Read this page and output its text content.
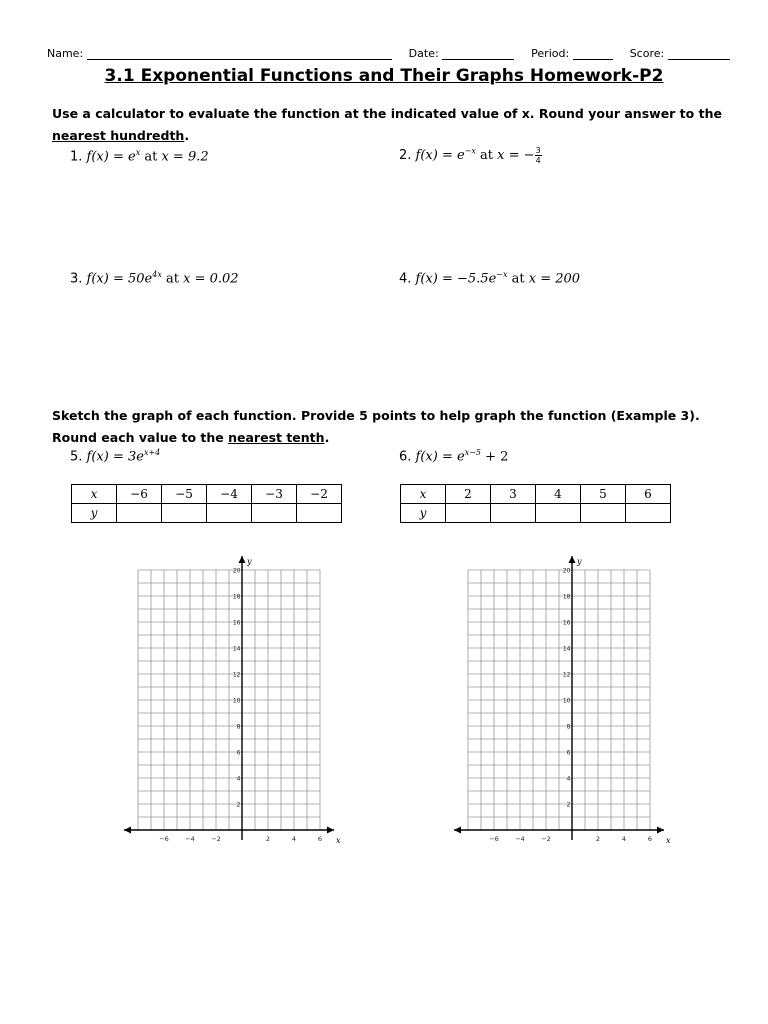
Name:	Date:	Period:	Score:
3.1 Exponential Functions and Their Graphs Homework-P2
Use a calculator to evaluate the function at the indicated value of x. Round your answer to the
nearest hundredth.
1. $f(x) = e^x$ at x = 9.2	2. $f(x) = e^{-x}$ at x = − $\frac{3}{4}$
3. $f(x) = 50e^{4x}$ at x = 0.02	4. $f(x) = -5.5e^{-x}$ at x = 200
Sketch the graph of each function. Provide 5 points to help graph the function (Example 3).
Round each value to the nearest tenth.
5. $f(x) = 3e^{x+4}$	6. $f(x) = e^{x-5} + 2$
x	−6	−5	−4	−3	−2
y					
x	2	3	4	5	6
y					
x
y
−6	−4	−2	2	4	6
2
4
6
8
10
12
14
16
18
20
x
y
−6	−4	−2	2	4	6
2
4
6
8
10
12
14
16
18
20
